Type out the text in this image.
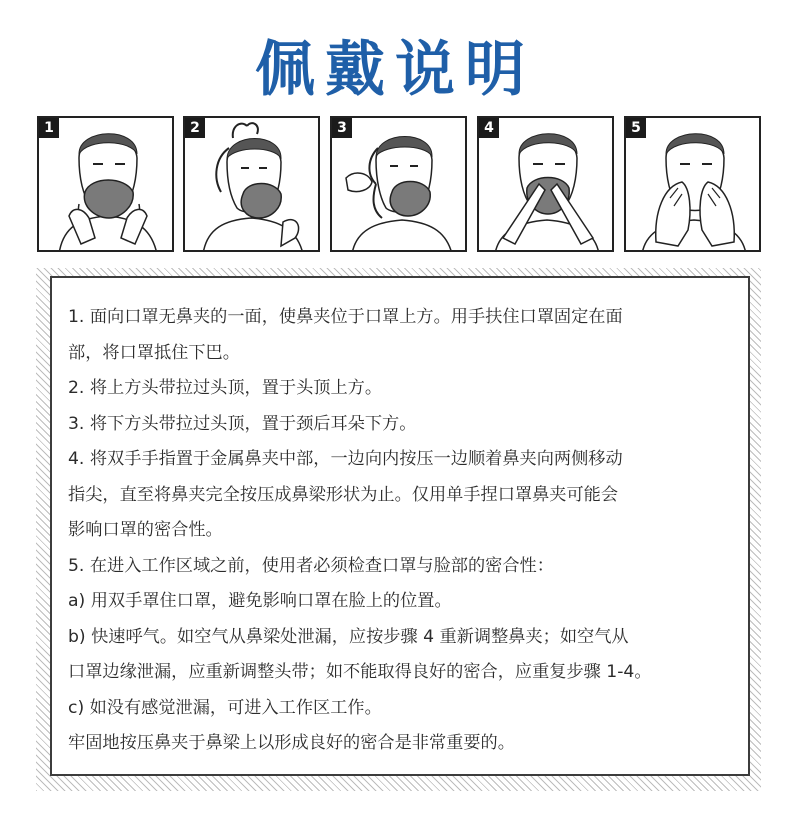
佩戴说明
1	2	3	4	5
1. 面向口罩无鼻夹的一面，使鼻夹位于口罩上方。用手扶住口罩固定在面
部，将口罩抵住下巴。
2. 将上方头带拉过头顶，置于头顶上方。
3. 将下方头带拉过头顶，置于颈后耳朵下方。
4. 将双手手指置于金属鼻夹中部，一边向内按压一边顺着鼻夹向两侧移动
指尖，直至将鼻夹完全按压成鼻梁形状为止。仅用单手捏口罩鼻夹可能会
影响口罩的密合性。
5. 在进入工作区域之前，使用者必须检查口罩与脸部的密合性：
a) 用双手罩住口罩，避免影响口罩在脸上的位置。
b) 快速呼气。如空气从鼻梁处泄漏，应按步骤 4 重新调整鼻夹；如空气从
口罩边缘泄漏，应重新调整头带；如不能取得良好的密合，应重复步骤 1-4。
c) 如没有感觉泄漏，可进入工作区工作。
牢固地按压鼻夹于鼻梁上以形成良好的密合是非常重要的。
